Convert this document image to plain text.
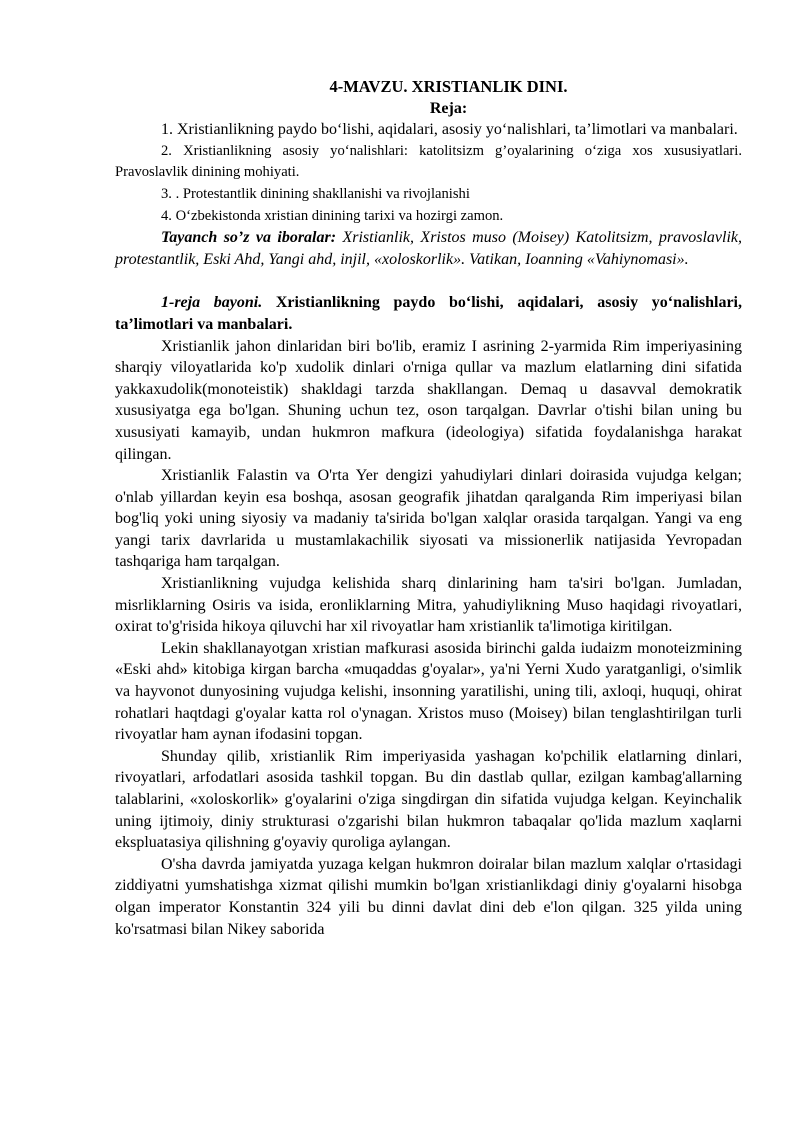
4-MAVZU. XRISTIANLIK DINI.

Reja:

1. Xristianlikning paydo bo‘lishi, aqidalari, asosiy yo‘nalishlari, ta’limotlari va manbalari.

2. Xristianlikning asosiy yo‘nalishlari: katolitsizm g’oyalarining o‘ziga xos xususiyatlari. Pravoslavlik dinining mohiyati.

3. . Protestantlik dinining shakllanishi va rivojlanishi

4. O‘zbekistonda xristian dinining tarixi va hozirgi zamon.

Tayanch so’z va iboralar: Xristianlik, Xristos muso (Moisey) Katolitsizm, pravoslavlik, protestantlik, Eski Ahd, Yangi ahd, injil, «xoloskorlik». Vatikan, Ioanning «Vahiynomasi».

1-reja bayoni. Xristianlikning paydo bo‘lishi, aqidalari, asosiy yo‘nalishlari, ta’limotlari va manbalari.

Xristianlik jahon dinlaridan biri bo'lib, eramiz I asrining 2-yarmida Rim imperiyasining sharqiy viloyatlarida ko'p xudolik dinlari o'rniga qullar va mazlum elatlarning dini sifatida yakkaxudolik(monoteistik) shakldagi tarzda shakllangan. Demaq u dasavval demokratik xususiyatga ega bo'lgan. Shuning uchun tez, oson tarqalgan. Davrlar o'tishi bilan uning bu xususiyati kamayib, undan hukmron mafkura (ideologiya) sifatida foydalanishga harakat qilingan.

Xristianlik Falastin va O'rta Yer dengizi yahudiylari dinlari doirasida vujudga kelgan; o'nlab yillardan keyin esa boshqa, asosan geografik jihatdan qaralganda Rim imperiyasi bilan bog'liq yoki uning siyosiy va madaniy ta'sirida bo'lgan xalqlar orasida tarqalgan. Yangi va eng yangi tarix davrlarida u mustamlakachilik siyosati va missionerlik natijasida Yevropadan tashqariga ham tarqalgan.

Xristianlikning vujudga kelishida sharq dinlarining ham ta'siri bo'lgan. Jumladan, misrliklarning Osiris va isida, eronliklarning Mitra, yahudiylikning Muso haqidagi rivoyatlari, oxirat to'g'risida hikoya qiluvchi har xil rivoyatlar ham xristianlik ta'limotiga kiritilgan.

Lekin shakllanayotgan xristian mafkurasi asosida birinchi galda iudaizm monoteizmining «Eski ahd» kitobiga kirgan barcha «muqaddas g'oyalar», ya'ni Yerni Xudo yaratganligi, o'simlik va hayvonot dunyosining vujudga kelishi, insonning yaratilishi, uning tili, axloqi, huquqi, ohirat rohatlari haqtdagi g'oyalar katta rol o'ynagan. Xristos muso (Moisey) bilan tenglashtirilgan turli rivoyatlar ham aynan ifodasini topgan.

Shunday qilib, xristianlik Rim imperiyasida yashagan ko'pchilik elatlarning dinlari, rivoyatlari, arfodatlari asosida tashkil topgan. Bu din dastlab qullar, ezilgan kambag'allarning talablarini, «xoloskorlik» g'oyalarini o'ziga singdirgan din sifatida vujudga kelgan. Keyinchalik uning ijtimoiy, diniy strukturasi o'zgarishi bilan hukmron tabaqalar qo'lida mazlum xaqlarni ekspluatasiya qilishning g'oyaviy quroliga aylangan.

O'sha davrda jamiyatda yuzaga kelgan hukmron doiralar bilan mazlum xalqlar o'rtasidagi ziddiyatni yumshatishga xizmat qilishi mumkin bo'lgan xristianlikdagi diniy g'oyalarni hisobga olgan imperator Konstantin 324 yili bu dinni davlat dini deb e'lon qilgan. 325 yilda uning ko'rsatmasi bilan Nikey saborida
